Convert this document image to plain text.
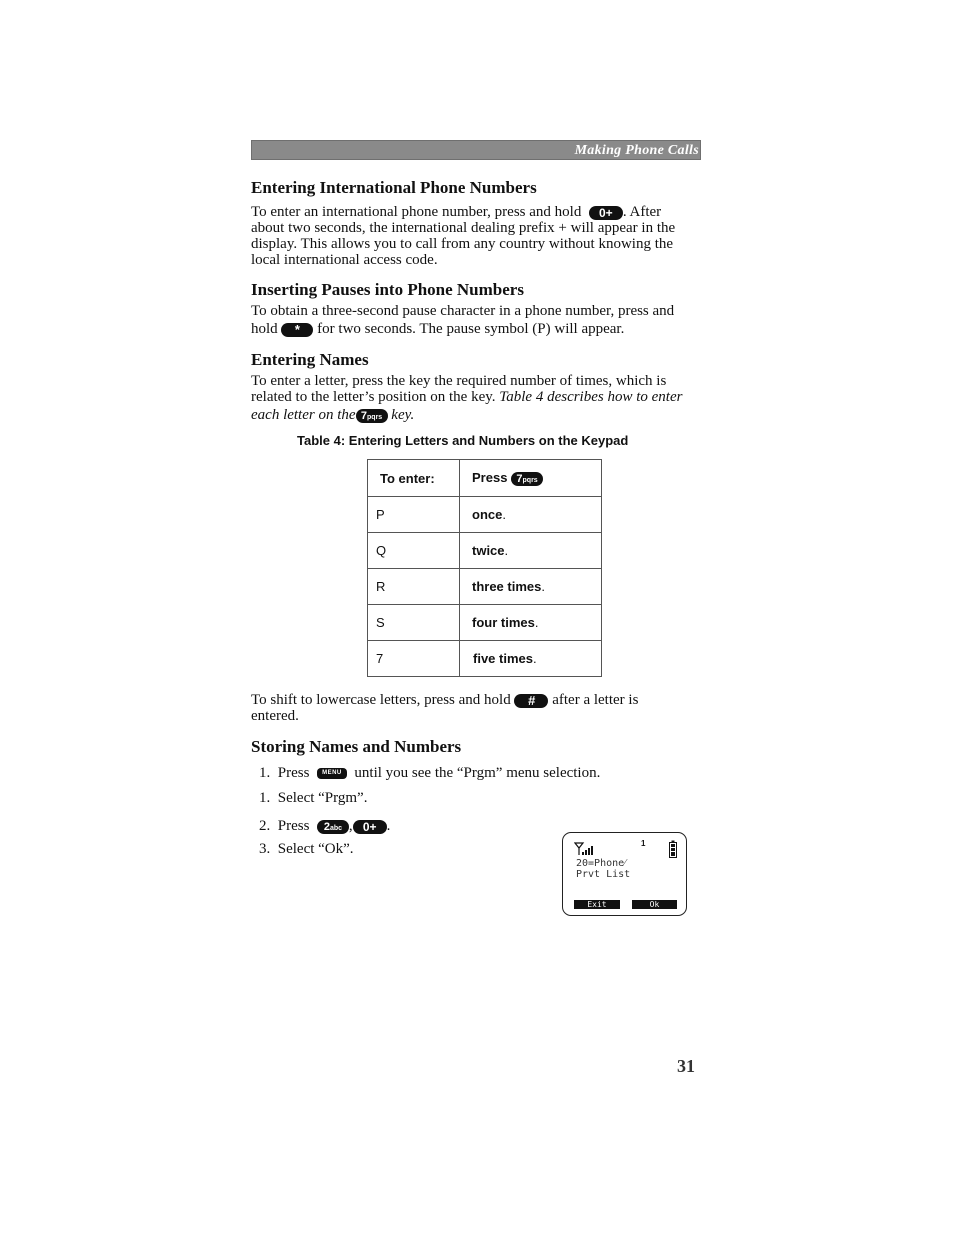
Making Phone Calls
Entering International Phone Numbers
To enter an international phone number, press and hold 0+ . After
about two seconds, the international dealing prefix + will appear in the
display. This allows you to call from any country without knowing the
local international access code.
Inserting Pauses into Phone Numbers
To obtain a three-second pause character in a phone number, press and
hold * for two seconds. The pause symbol (P) will appear.
Entering Names
To enter a letter, press the key the required number of times, which is
related to the letter’s position on the key. Table 4 describes how to enter
each letter on the 7pqrs key.
Table 4: Entering Letters and Numbers on the Keypad
To enter:	Press 7pqrs
P	once.
Q	twice.
R	three times.
S	four times.
7	five times.
To shift to lowercase letters, press and hold # after a letter is
entered.
Storing Names and Numbers
1. Press MENU until you see the “Prgm” menu selection.
1. Select “Prgm”.
2. Press 2abc , 0+ .
3. Select “Ok”.	1
20=Phone⁄
Prvt List
Exit	Ok
31
